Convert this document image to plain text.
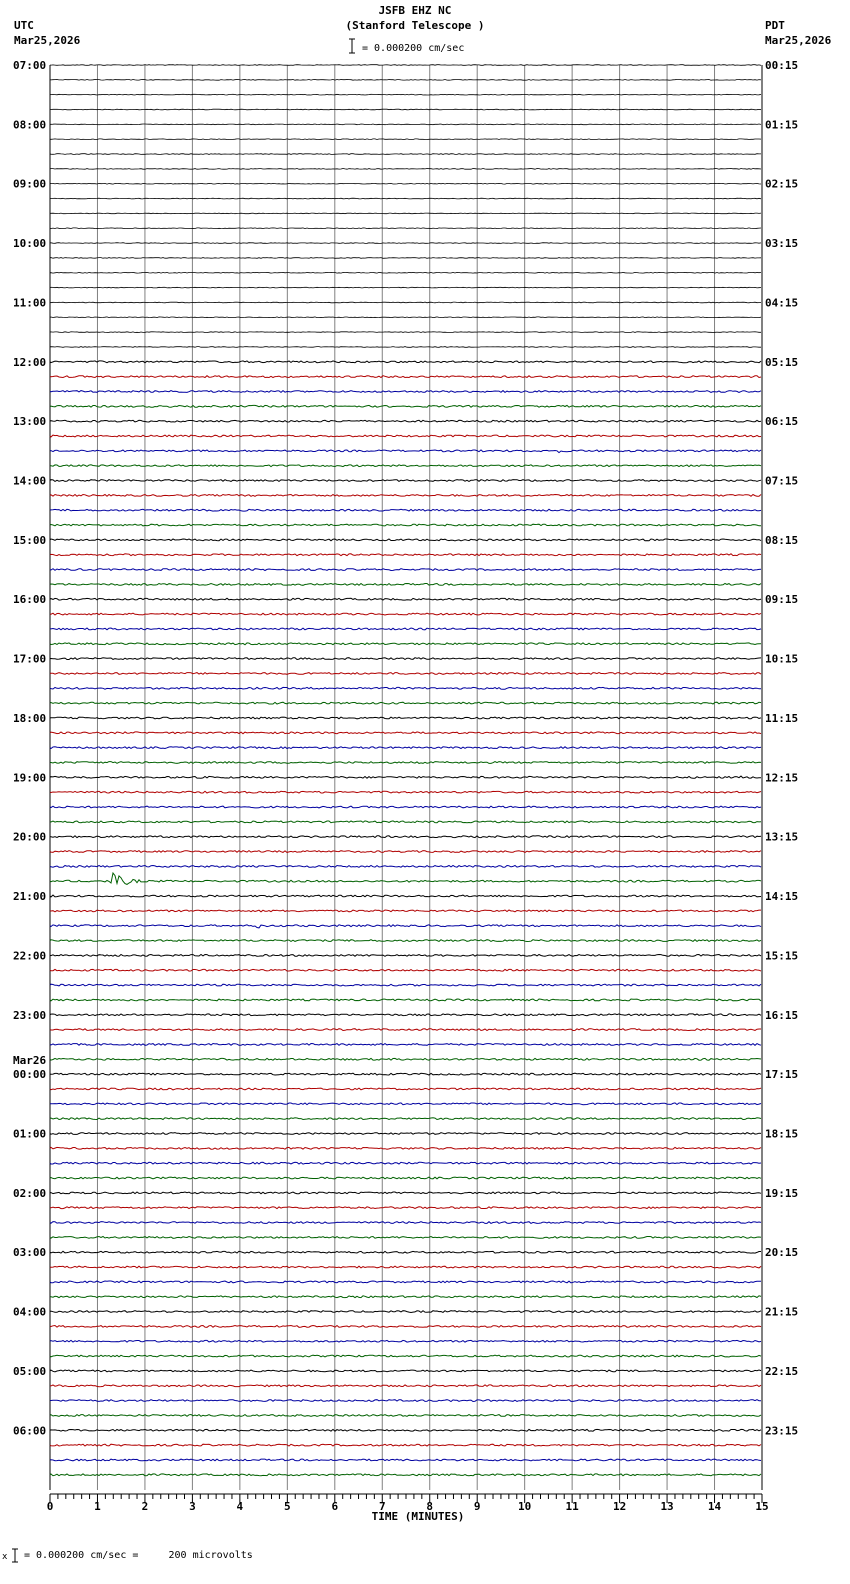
JSFB EHZ NC
(Stanford Telescope )
UTC
Mar25,2026
PDT
Mar25,2026
= 0.000200 cm/sec
07:00
08:00
09:00
10:00
11:00
12:00
13:00
14:00
15:00
16:00
17:00
18:00
19:00
20:00
21:00
22:00
23:00
00:00
Mar26
01:00
02:00
03:00
04:00
05:00
06:00
00:15
01:15
02:15
03:15
04:15
05:15
06:15
07:15
08:15
09:15
10:15
11:15
12:15
13:15
14:15
15:15
16:15
17:15
18:15
19:15
20:15
21:15
22:15
23:15
0	1	2	3	4	5	6	7	8	9	10	11	12	13	14	15
TIME (MINUTES)
x = 0.000200 cm/sec =     200 microvolts
